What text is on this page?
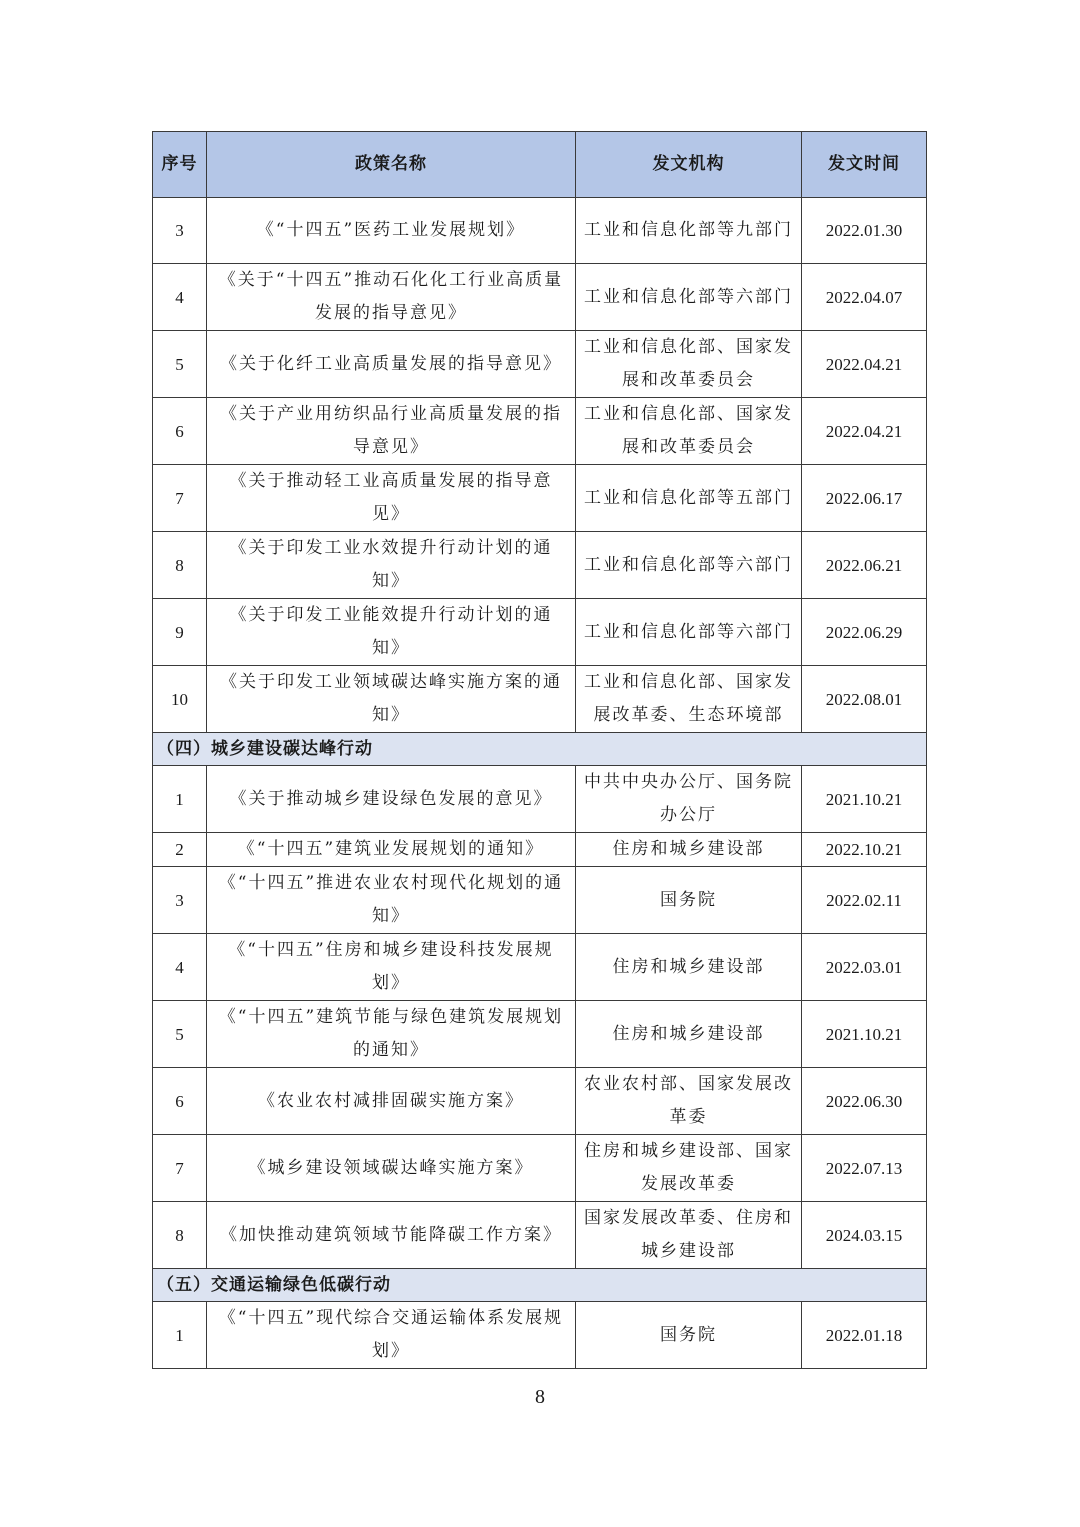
序号	政策名称	发文机构	发文时间
3	《“十四五”医药工业发展规划》	工业和信息化部等九部门	2022.01.30
4	《关于“十四五”推动石化化工行业高质量发展的指导意见》	工业和信息化部等六部门	2022.04.07
5	《关于化纤工业高质量发展的指导意见》	工业和信息化部、国家发展和改革委员会	2022.04.21
6	《关于产业用纺织品行业高质量发展的指导意见》	工业和信息化部、国家发展和改革委员会	2022.04.21
7	《关于推动轻工业高质量发展的指导意见》	工业和信息化部等五部门	2022.06.17
8	《关于印发工业水效提升行动计划的通知》	工业和信息化部等六部门	2022.06.21
9	《关于印发工业能效提升行动计划的通知》	工业和信息化部等六部门	2022.06.29
10	《关于印发工业领域碳达峰实施方案的通知》	工业和信息化部、国家发展改革委、生态环境部	2022.08.01
（四）城乡建设碳达峰行动			
1	《关于推动城乡建设绿色发展的意见》	中共中央办公厅、国务院办公厅	2021.10.21
2	《“十四五”建筑业发展规划的通知》	住房和城乡建设部	2022.10.21
3	《“十四五”推进农业农村现代化规划的通知》	国务院	2022.02.11
4	《“十四五”住房和城乡建设科技发展规划》	住房和城乡建设部	2022.03.01
5	《“十四五”建筑节能与绿色建筑发展规划的通知》	住房和城乡建设部	2021.10.21
6	《农业农村减排固碳实施方案》	农业农村部、国家发展改革委	2022.06.30
7	《城乡建设领域碳达峰实施方案》	住房和城乡建设部、国家发展改革委	2022.07.13
8	《加快推动建筑领域节能降碳工作方案》	国家发展改革委、住房和城乡建设部	2024.03.15
（五）交通运输绿色低碳行动			
1	《“十四五”现代综合交通运输体系发展规划》	国务院	2022.01.18
8
